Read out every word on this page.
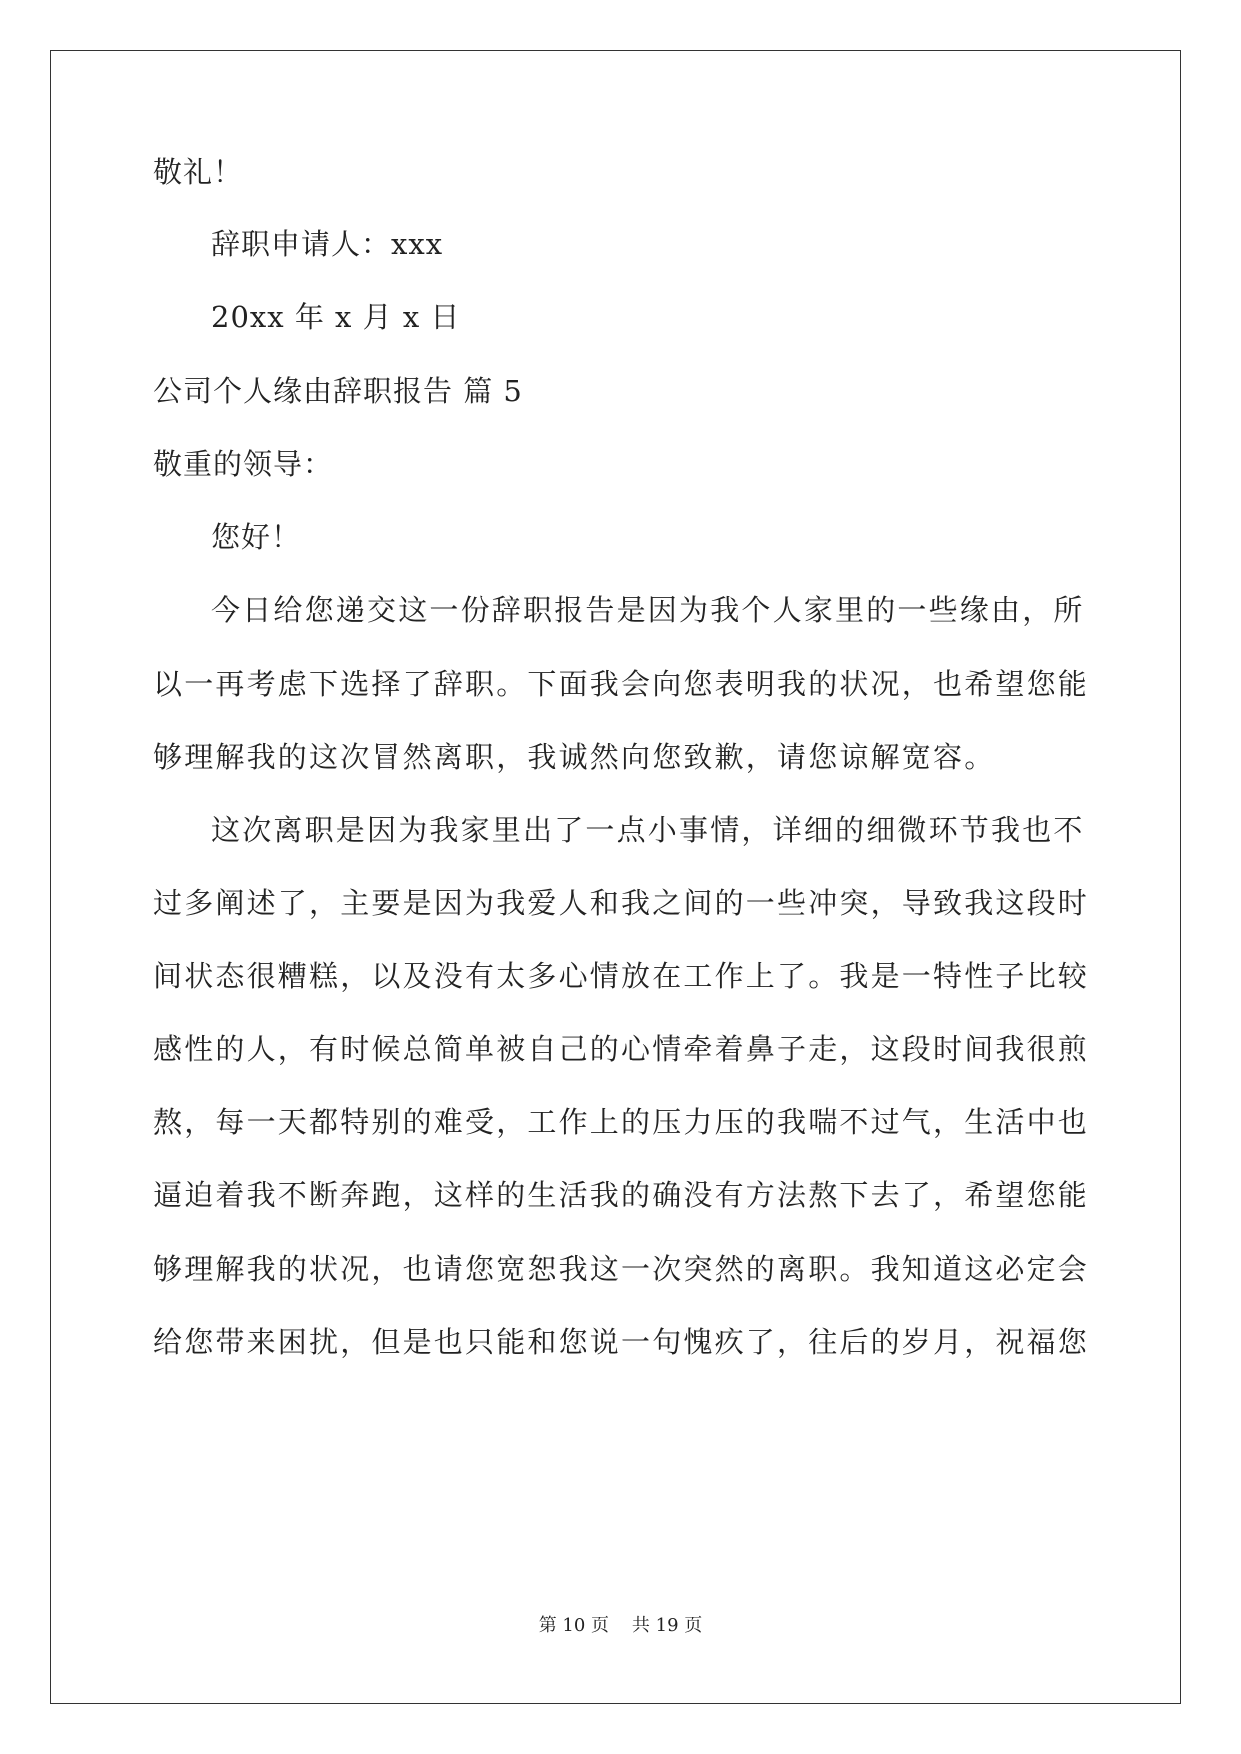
敬礼！
辞职申请人：xxx
20xx 年 x 月 x 日
公司个人缘由辞职报告 篇 5
敬重的领导：
您好！
今日给您递交这一份辞职报告是因为我个人家里的一些缘由，所
以一再考虑下选择了辞职。下面我会向您表明我的状况，也希望您能
够理解我的这次冒然离职，我诚然向您致歉，请您谅解宽容。
这次离职是因为我家里出了一点小事情，详细的细微环节我也不
过多阐述了，主要是因为我爱人和我之间的一些冲突，导致我这段时
间状态很糟糕，以及没有太多心情放在工作上了。我是一特性子比较
感性的人，有时候总简单被自己的心情牵着鼻子走，这段时间我很煎
熬，每一天都特别的难受，工作上的压力压的我喘不过气，生活中也
逼迫着我不断奔跑，这样的生活我的确没有方法熬下去了，希望您能
够理解我的状况，也请您宽恕我这一次突然的离职。我知道这必定会
给您带来困扰，但是也只能和您说一句愧疚了，往后的岁月，祝福您
第 10 页    共 19 页
